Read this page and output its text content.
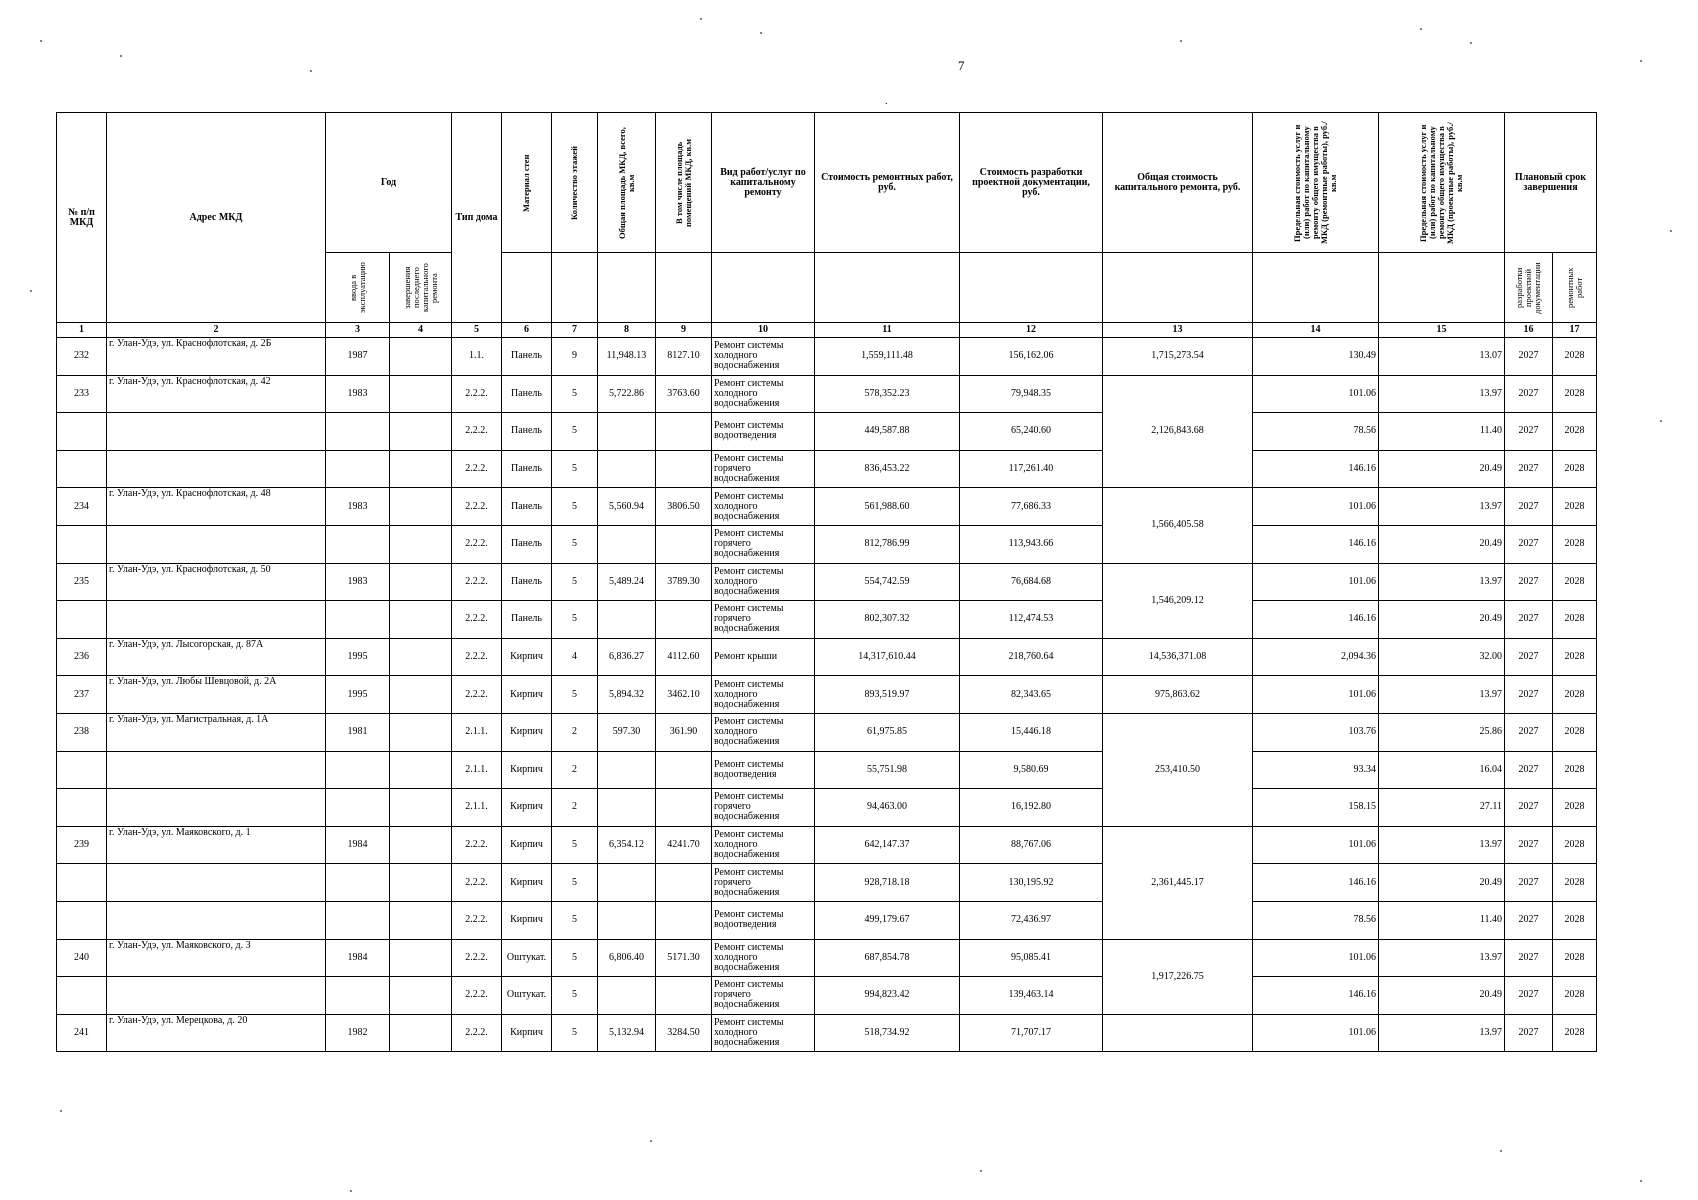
7
.
№ п/п МКД	Адрес МКД	Год		Тип дома	Материал стен	Количество этажей	Общая площадь МКД, всего, кв.м	В том числе площадь помещений МКД, кв.м	Вид работ/услуг по капитальному ремонту	Стоимость ремонтных работ, руб.	Стоимость разработки проектной документации, руб.	Общая стоимость капитального ремонта, руб.	Предельная стоимость услуг и (или) работ по капитальному ремонту общего имущества в МКД (ремонтные работы), руб./кв.м	Предельная стоимость услуг и (или) работ по капитальному ремонту общего имущества в МКД (проектные работы), руб./кв.м	Плановый срок завершения	

		ввода в эксплуатацию	завершения последнего капитального ремонта												разработки проектной документации	ремонтных работ

1	2	3	4	5	6	7	8	9	10	11	12	13	14	15	16	17
232	г. Улан-Удэ, ул. Краснофлотская, д. 2Б	1987		1.1.	Панель	9	11,948.13	8127.10	Ремонт системы холодного водоснабжения	1,559,111.48	156,162.06	1,715,273.54	130.49	13.07	2027	2028
233	г. Улан-Удэ, ул. Краснофлотская, д. 42	1983		2.2.2.	Панель	5	5,722.86	3763.60	Ремонт системы холодного водоснабжения	578,352.23	79,948.35	2,126,843.68	101.06	13.97	2027	2028
				2.2.2.	Панель	5			Ремонт системы водоотведения	449,587.88	65,240.60		78.56	11.40	2027	2028
				2.2.2.	Панель	5			Ремонт системы горячего водоснабжения	836,453.22	117,261.40		146.16	20.49	2027	2028
234	г. Улан-Удэ, ул. Краснофлотская, д. 48	1983		2.2.2.	Панель	5	5,560.94	3806.50	Ремонт системы холодного водоснабжения	561,988.60	77,686.33	1,566,405.58	101.06	13.97	2027	2028
				2.2.2.	Панель	5			Ремонт системы горячего водоснабжения	812,786.99	113,943.66		146.16	20.49	2027	2028
235	г. Улан-Удэ, ул. Краснофлотская, д. 50	1983		2.2.2.	Панель	5	5,489.24	3789.30	Ремонт системы холодного водоснабжения	554,742.59	76,684.68	1,546,209.12	101.06	13.97	2027	2028
				2.2.2.	Панель	5			Ремонт системы горячего водоснабжения	802,307.32	112,474.53		146.16	20.49	2027	2028
236	г. Улан-Удэ, ул. Лысогорская, д. 87А	1995		2.2.2.	Кирпич	4	6,836.27	4112.60	Ремонт крыши	14,317,610.44	218,760.64	14,536,371.08	2,094.36	32.00	2027	2028
237	г. Улан-Удэ, ул. Любы Шевцовой, д. 2А	1995		2.2.2.	Кирпич	5	5,894.32	3462.10	Ремонт системы холодного водоснабжения	893,519.97	82,343.65	975,863.62	101.06	13.97	2027	2028
238	г. Улан-Удэ, ул. Магистральная, д. 1А	1981		2.1.1.	Кирпич	2	597.30	361.90	Ремонт системы холодного водоснабжения	61,975.85	15,446.18	253,410.50	103.76	25.86	2027	2028
				2.1.1.	Кирпич	2			Ремонт системы водоотведения	55,751.98	9,580.69		93.34	16.04	2027	2028
				2.1.1.	Кирпич	2			Ремонт системы горячего водоснабжения	94,463.00	16,192.80		158.15	27.11	2027	2028
239	г. Улан-Удэ, ул. Маяковского, д. 1	1984		2.2.2.	Кирпич	5	6,354.12	4241.70	Ремонт системы холодного водоснабжения	642,147.37	88,767.06	2,361,445.17	101.06	13.97	2027	2028
				2.2.2.	Кирпич	5			Ремонт системы горячего водоснабжения	928,718.18	130,195.92		146.16	20.49	2027	2028
				2.2.2.	Кирпич	5			Ремонт системы водоотведения	499,179.67	72,436.97		78.56	11.40	2027	2028
240	г. Улан-Удэ, ул. Маяковского, д. 3	1984		2.2.2.	Оштукат.	5	6,806.40	5171.30	Ремонт системы холодного водоснабжения	687,854.78	95,085.41	1,917,226.75	101.06	13.97	2027	2028
				2.2.2.	Оштукат.	5			Ремонт системы горячего водоснабжения	994,823.42	139,463.14		146.16	20.49	2027	2028
241	г. Улан-Удэ, ул. Мерецкова, д. 20	1982		2.2.2.	Кирпич	5	5,132.94	3284.50	Ремонт системы холодного водоснабжения	518,734.92	71,707.17		101.06	13.97	2027	2028
